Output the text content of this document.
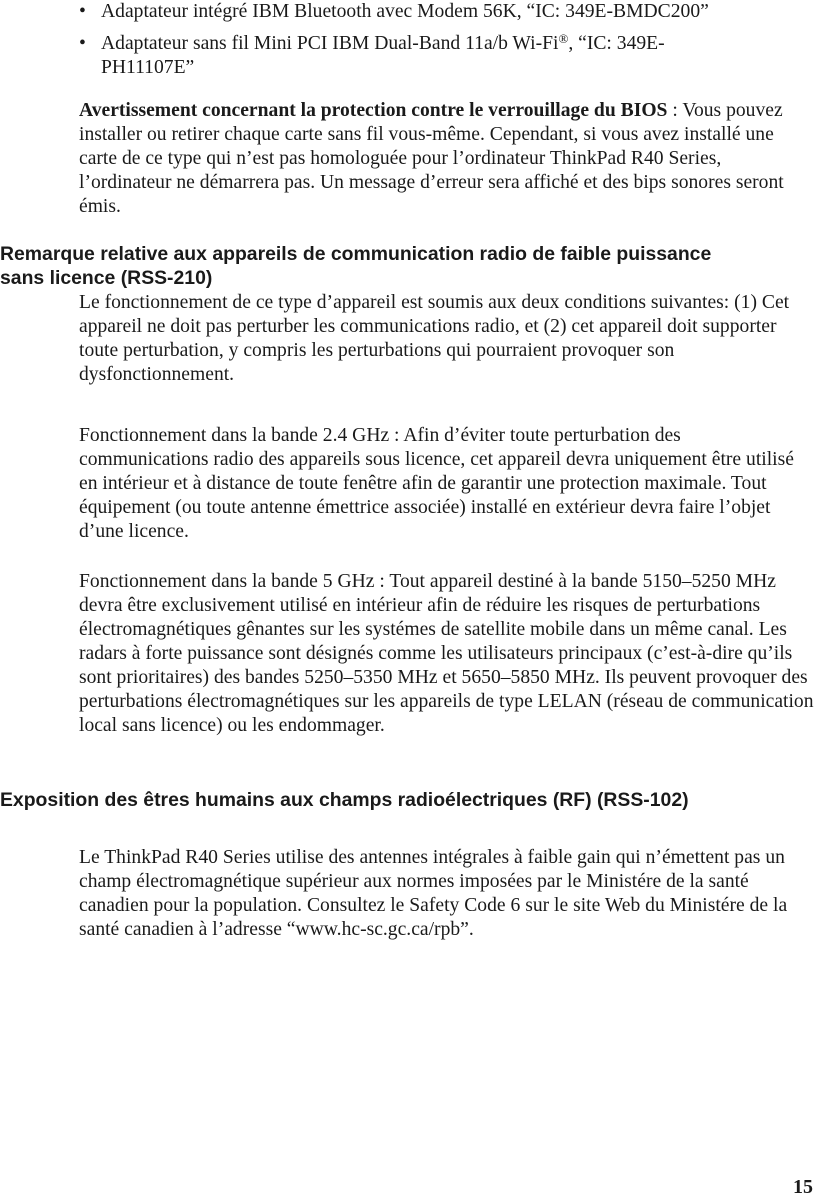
• Adaptateur intégré IBM Bluetooth avec Modem 56K, “IC: 349E-BMDC200”
• Adaptateur sans fil Mini PCI IBM Dual-Band 11a/b Wi-Fi®, “IC: 349E-PH11107E”

Avertissement concernant la protection contre le verrouillage du BIOS : Vous pouvez installer ou retirer chaque carte sans fil vous-même. Cependant, si vous avez installé une carte de ce type qui n’est pas homologuée pour l’ordinateur ThinkPad R40 Series, l’ordinateur ne démarrera pas. Un message d’erreur sera affiché et des bips sonores seront émis.

Remarque relative aux appareils de communication radio de faible puissance sans licence (RSS-210)

Le fonctionnement de ce type d’appareil est soumis aux deux conditions suivantes: (1) Cet appareil ne doit pas perturber les communications radio, et (2) cet appareil doit supporter toute perturbation, y compris les perturbations qui pourraient provoquer son dysfonctionnement.

Fonctionnement dans la bande 2.4 GHz : Afin d’éviter toute perturbation des communications radio des appareils sous licence, cet appareil devra uniquement être utilisé en intérieur et à distance de toute fenêtre afin de garantir une protection maximale. Tout équipement (ou toute antenne émettrice associée) installé en extérieur devra faire l’objet d’une licence.

Fonctionnement dans la bande 5 GHz : Tout appareil destiné à la bande 5150–5250 MHz devra être exclusivement utilisé en intérieur afin de réduire les risques de perturbations électromagnétiques gênantes sur les systémes de satellite mobile dans un même canal. Les radars à forte puissance sont désignés comme les utilisateurs principaux (c’est-à-dire qu’ils sont prioritaires) des bandes 5250–5350 MHz et 5650–5850 MHz. Ils peuvent provoquer des perturbations électromagnétiques sur les appareils de type LELAN (réseau de communication local sans licence) ou les endommager.

Exposition des êtres humains aux champs radioélectriques (RF) (RSS-102)

Le ThinkPad R40 Series utilise des antennes intégrales à faible gain qui n’émettent pas un champ électromagnétique supérieur aux normes imposées par le Ministére de la santé canadien pour la population. Consultez le Safety Code 6 sur le site Web du Ministére de la santé canadien à l’adresse “www.hc-sc.gc.ca/rpb”.

15
